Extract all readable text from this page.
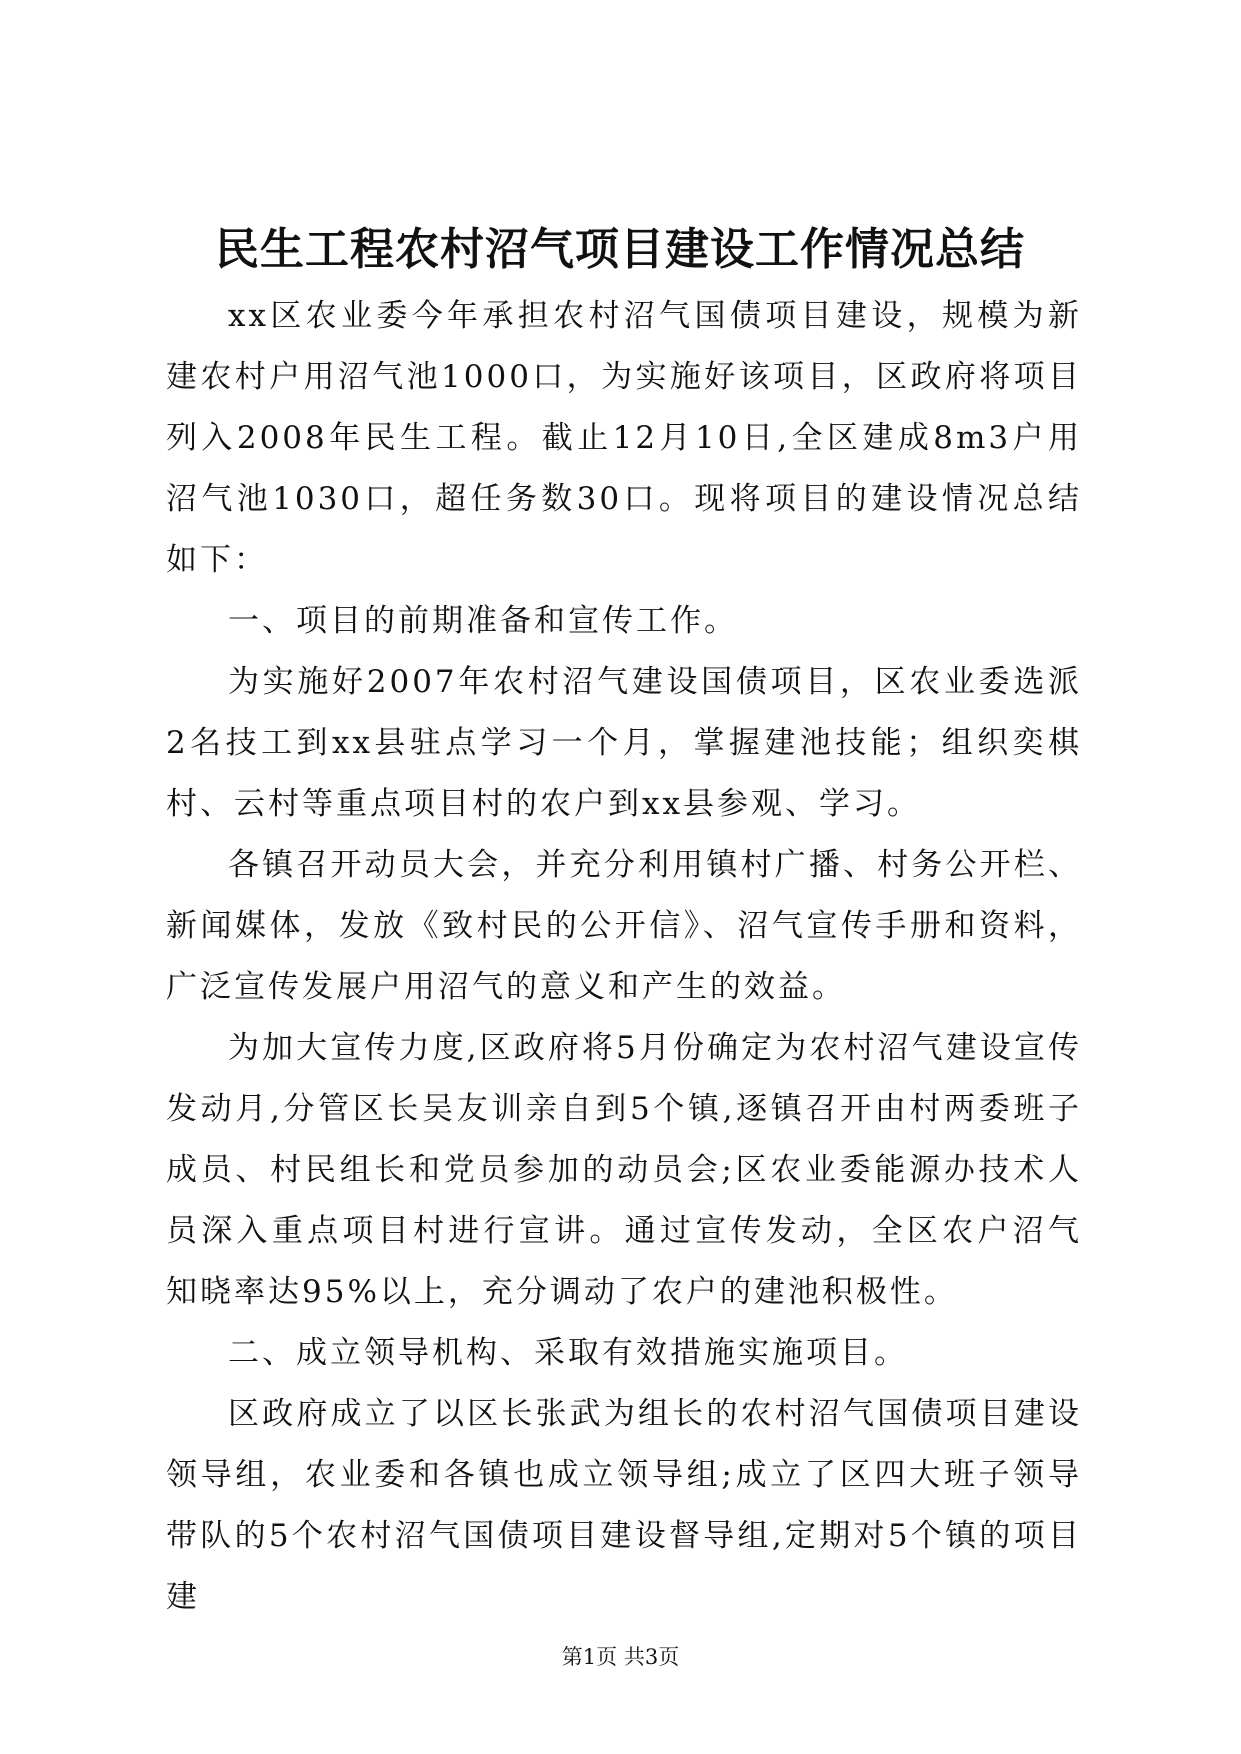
民生工程农村沼气项目建设工作情况总结

xx区农业委今年承担农村沼气国债项目建设，规模为新建农村户用沼气池1000口，为实施好该项目，区政府将项目列入2008年民生工程。截止12月10日,全区建成8m3户用沼气池1030口，超任务数30口。现将项目的建设情况总结如下：

一、项目的前期准备和宣传工作。

为实施好2007年农村沼气建设国债项目，区农业委选派2名技工到xx县驻点学习一个月，掌握建池技能；组织奕棋村、云村等重点项目村的农户到xx县参观、学习。

各镇召开动员大会，并充分利用镇村广播、村务公开栏、新闻媒体，发放《致村民的公开信》、沼气宣传手册和资料，广泛宣传发展户用沼气的意义和产生的效益。

为加大宣传力度,区政府将5月份确定为农村沼气建设宣传发动月,分管区长吴友训亲自到5个镇,逐镇召开由村两委班子成员、村民组长和党员参加的动员会;区农业委能源办技术人员深入重点项目村进行宣讲。通过宣传发动，全区农户沼气知晓率达95%以上，充分调动了农户的建池积极性。

二、成立领导机构、采取有效措施实施项目。

区政府成立了以区长张武为组长的农村沼气国债项目建设领导组，农业委和各镇也成立领导组;成立了区四大班子领导带队的5个农村沼气国债项目建设督导组,定期对5个镇的项目建

第1页 共3页
